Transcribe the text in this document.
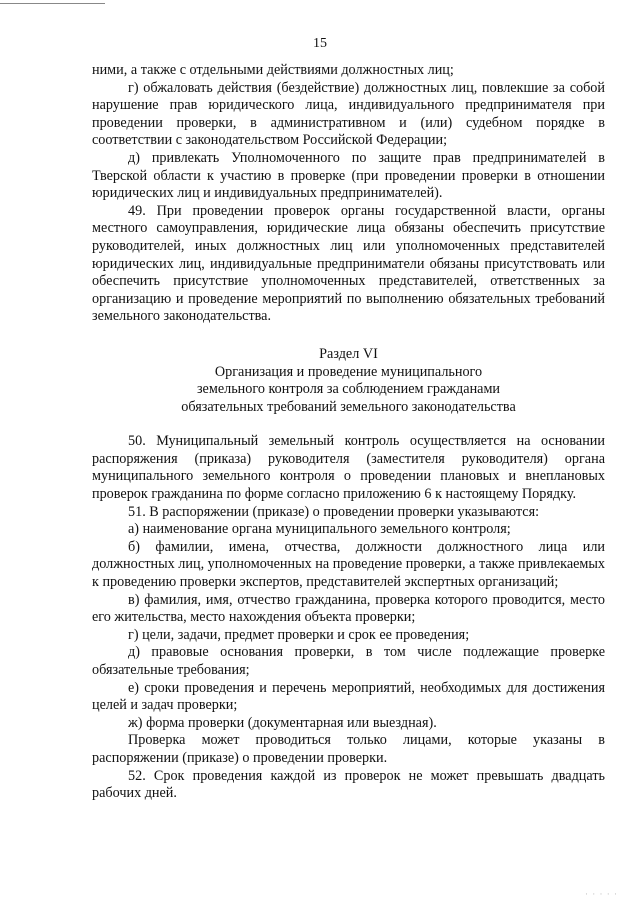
15

ними, а также с отдельными действиями должностных лиц;

г) обжаловать действия (бездействие) должностных лиц, повлекшие за собой нарушение прав юридического лица, индивидуального предпринимателя при проведении проверки, в административном и (или) судебном порядке в соответствии с законодательством Российской Федерации;

д) привлекать Уполномоченного по защите прав предпринимателей в Тверской области к участию в проверке (при проведении проверки в отношении юридических лиц и индивидуальных предпринимателей).

49. При проведении проверок органы государственной власти, органы местного самоуправления, юридические лица обязаны обеспечить присутствие руководителей, иных должностных лиц или уполномоченных представителей юридических лиц, индивидуальные предприниматели обязаны присутствовать или обеспечить присутствие уполномоченных представителей, ответственных за организацию и проведение мероприятий по выполнению обязательных требований земельного законодательства.

Раздел VI

Организация и проведение муниципального

земельного контроля за соблюдением гражданами

обязательных требований земельного законодательства

50. Муниципальный земельный контроль осуществляется на основании распоряжения (приказа) руководителя (заместителя руководителя) органа муниципального земельного контроля о проведении плановых и внеплановых проверок гражданина по форме согласно приложению 6 к настоящему Порядку.

51. В распоряжении (приказе) о проведении проверки указываются:

а) наименование органа муниципального земельного контроля;

б) фамилии, имена, отчества, должности должностного лица или должностных лиц, уполномоченных на проведение проверки, а также привлекаемых к проведению проверки экспертов, представителей экспертных организаций;

в) фамилия, имя, отчество гражданина, проверка которого проводится, место его жительства, место нахождения объекта проверки;

г) цели, задачи, предмет проверки и срок ее проведения;

д) правовые основания проверки, в том числе подлежащие проверке обязательные требования;

е) сроки проведения и перечень мероприятий, необходимых для достижения целей и задач проверки;

ж) форма проверки (документарная или выездная).

Проверка может проводиться только лицами, которые указаны в распоряжении (приказе) о проведении проверки.

52. Срок проведения каждой из проверок не может превышать двадцать рабочих дней.

· · · · ·
